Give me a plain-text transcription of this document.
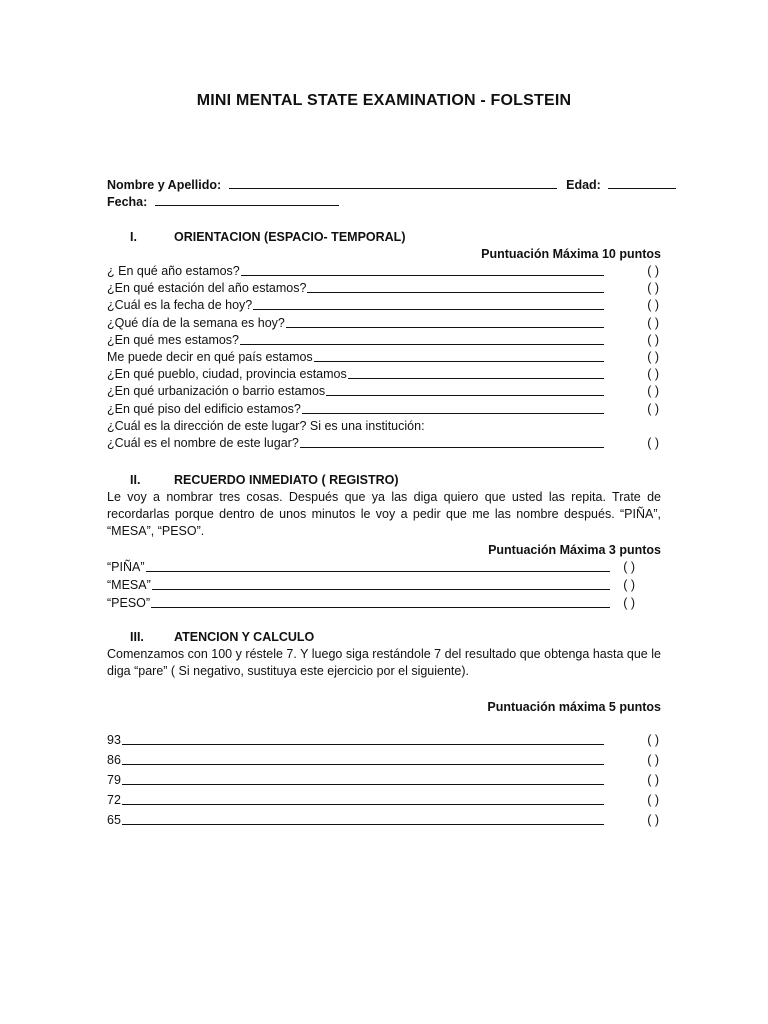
MINI MENTAL STATE EXAMINATION - FOLSTEIN
Nombre y Apellido:	Edad:
Fecha:
I.	ORIENTACION (ESPACIO- TEMPORAL)
Puntuación Máxima 10 puntos
¿ En qué año estamos?	( )
¿En qué estación del año estamos?	( )
¿Cuál es la fecha de hoy?	( )
¿Qué día de la semana es hoy?	( )
¿En qué mes estamos?	( )
Me puede decir en qué país estamos	( )
¿En qué pueblo, ciudad, provincia estamos	( )
¿En qué urbanización o barrio estamos	( )
¿En qué piso del edificio estamos?	( )
¿Cuál es la dirección de este lugar? Si es una institución:
¿Cuál es el nombre de este lugar?	( )
II.	RECUERDO INMEDIATO ( REGISTRO)
Le voy a nombrar tres cosas. Después que ya las diga quiero que usted las repita. Trate de recordarlas porque dentro de unos minutos le voy a pedir que me las nombre después. “PIÑA”, “MESA”, “PESO”.
Puntuación Máxima 3 puntos
“PIÑA”	( )
“MESA”	( )
“PESO”	( )
III. ATENCION Y CALCULO
Comenzamos con 100 y réstele 7. Y luego siga restándole 7 del resultado que obtenga hasta que le diga “pare” ( Si negativo, sustituya este ejercicio por el siguiente).
Puntuación máxima 5 puntos
93	( )
86	( )
79	( )
72	( )
65	( )
